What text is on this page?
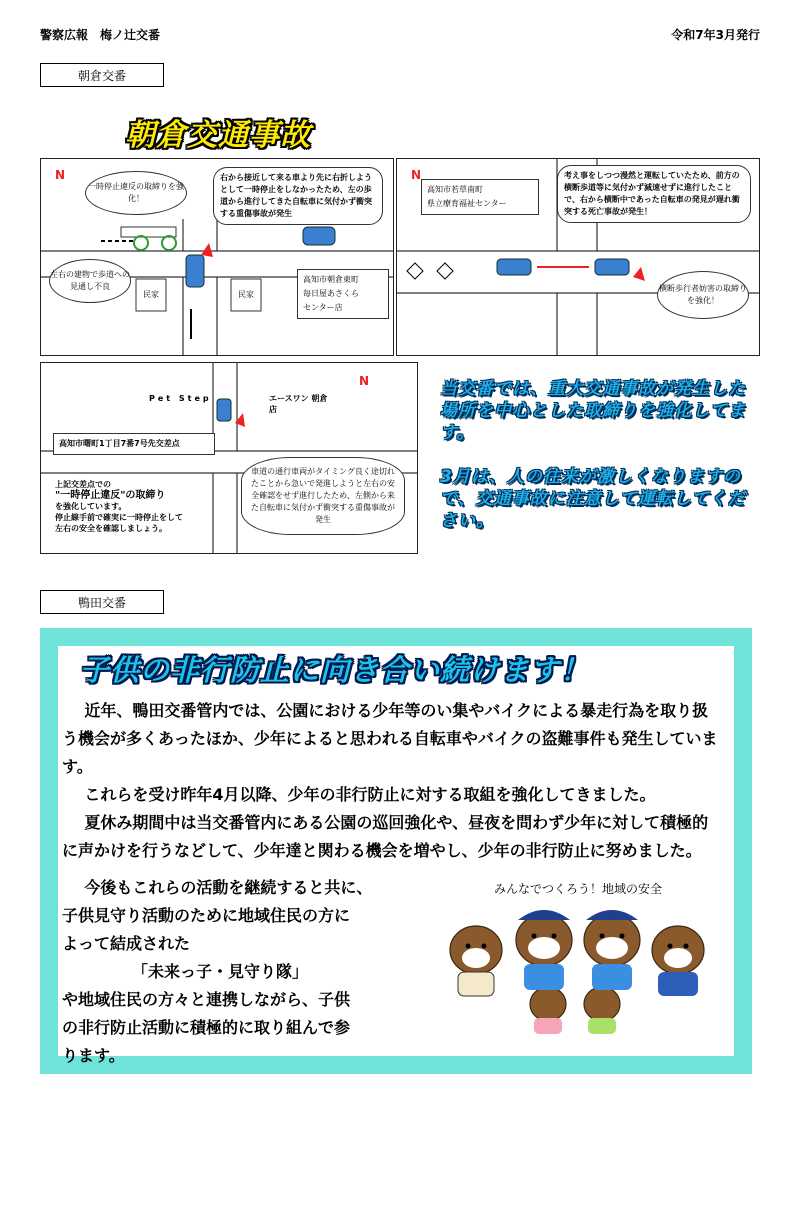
警察広報　梅ノ辻交番	令和7年3月発行
朝倉交番
朝倉交通事故
N	右から接近して来る車より先に右折しようとして一時停止をしなかったため、左の歩道から進行してきた自転車に気付かず衝突する重傷事故が発生
一時停止違反の取締りを強化！
左右の建物で歩道への見通し不良
民家	民家
高知市朝倉東町
毎日屋あさくら
センター店
N
高知市若草南町
県立療育福祉センター
考え事をしつつ漫然と運転していたため、前方の横断歩道等に気付かず減速せずに進行したことで、右から横断中であった自転車の発見が遅れ衝突する死亡事故が発生！
横断歩行者妨害の取締りを強化！
N
Pet Step	エースワン 朝倉店
高知市曙町1丁目7番7号先交差点
上記交差点での
"一時停止違反"の取締り
を強化しています。
停止線手前で確実に一時停止をして
左右の安全を確認しましょう。
車道の通行車両がタイミング良く途切れたことから急いで発進しようと左右の安全確認をせず進行したため、左側から来た自転車に気付かず衝突する重傷事故が発生
当交番では、重大交通事故が発生した場所を中心とした取締りを強化してます。
3月は、人の往来が激しくなりますので、交通事故に注意して運転してください。
鴨田交番
子供の非行防止に向き合い続けます！
近年、鴨田交番管内では、公園における少年等のい集やバイクによる暴走行為を取り扱う機会が多くあったほか、少年によると思われる自転車やバイクの盗難事件も発生しています。
これらを受け昨年4月以降、少年の非行防止に対する取組を強化してきました。
夏休み期間中は当交番管内にある公園の巡回強化や、昼夜を問わず少年に対して積極的に声かけを行うなどして、少年達と関わる機会を増やし、少年の非行防止に努めました。
今後もこれらの活動を継続すると共に、
子供見守り活動のために地域住民の方に
よって結成された
「未来っ子・見守り隊」
や地域住民の方々と連携しながら、子供
の非行防止活動に積極的に取り組んで参
ります。
みんなでつくろう！地域の安全
